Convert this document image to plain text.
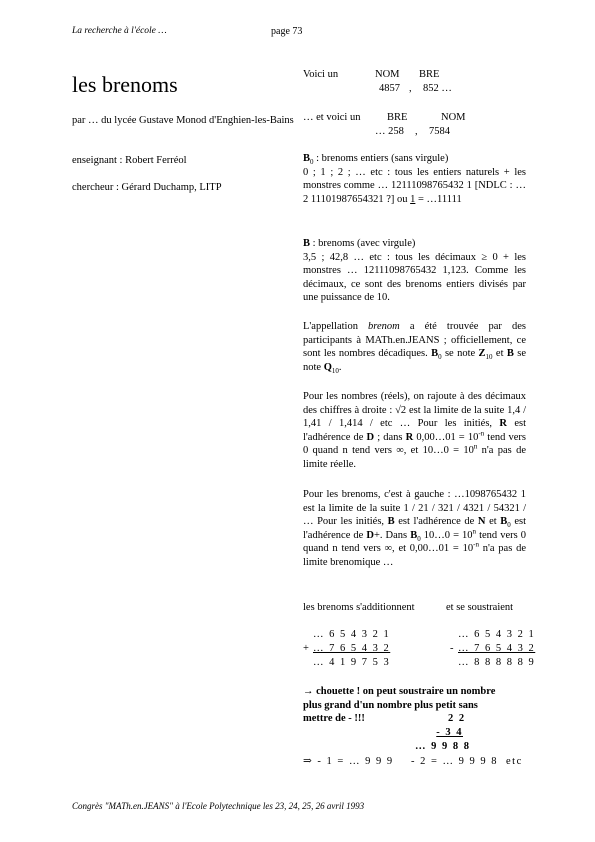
La recherche à l'école …	page 73
les brenoms
par … du lycée Gustave Monod d'Enghien-les-Bains
enseignant : Robert Ferréol
chercheur : Gérard Duchamp, LITP
Voici un	NOM BRE
4857 , 852 …
… et voici un	BRE	NOM
… 258 , 7584

$B_0$ : brenoms entiers (sans virgule)

0 ; 1 ; 2 ; … etc : tous les entiers naturels + les monstres comme … 12111098765432 1 [NDLC : …2 11101987654321 ?] ou 1 = …11111

B : brenoms (avec virgule)

3,5 ; 42,8 … etc : tous les décimaux ≥ 0 + les monstres … 12111098765432 1,123. Comme les décimaux, ce sont des brenoms entiers divisés par une puissance de 10.

L'appellation brenom a été trouvée par des participants à MATh.en.JEANS ; officiellement, ce sont les nombres décadiques. $B_0$ se note $Z_{10}$ et B se note $Q_{10}$.

Pour les nombres (réels), on rajoute à des décimaux des chiffres à droite : √2 est la limite de la suite 1,4 / 1,41 / 1,414 / etc … Pour les initiés, R est l'adhérence de D ; dans R 0,00…01 = $10^{-n}$ tend vers 0 quand n tend vers ∞, et 10…0 = $10^n$ n'a pas de limite réelle.

Pour les brenoms, c'est à gauche : …1098765432 1 est la limite de la suite 1 / 21 / 321 / 4321 / 54321 / … Pour les initiés, B est l'adhérence de N et $B_0$ est l'adhérence de D+. Dans $B_0$ 10…0 = $10^n$ tend vers 0 quand n tend vers ∞, et 0,00…01 = $10^{-n}$ n'a pas de limite brenomique …

les brenoms s'additionnent	et se soustraient
… 6 5 4 3 2 1
+ … 7 6 5 4 3 2
… 4 1 9 7 5 3
… 6 5 4 3 2 1
- … 7 6 5 4 3 2
… 8 8 8 8 8 9
→ chouette ! on peut soustraire un nombre
plus grand d'un nombre plus petit sans
mettre de - !!!	2 2
- 3 4
… 9 9 8 8
⇒ - 1 = … 9 9 9 - 2 = … 9 9 9 8 etc
Congrès "MATh.en.JEANS" à l'Ecole Polytechnique les 23, 24, 25, 26 avril 1993
